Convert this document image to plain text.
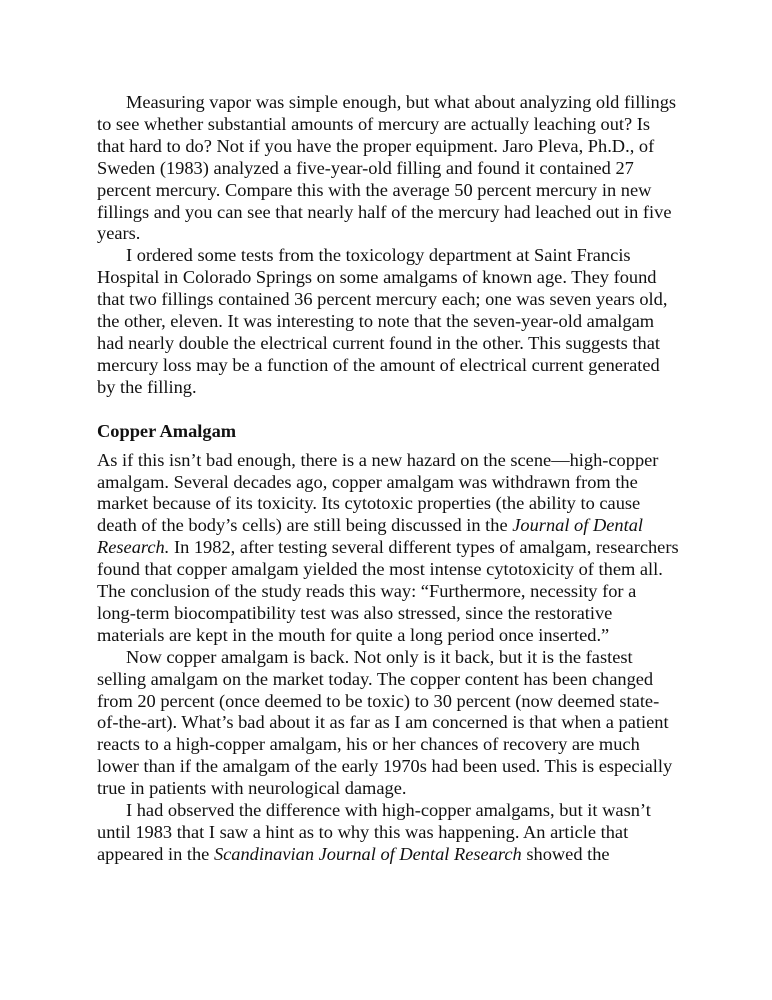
Measuring vapor was simple enough, but what about analyzing old fillings to see whether substantial amounts of mercury are actually leaching out? Is that hard to do? Not if you have the proper equipment. Jaro Pleva, Ph.D., of Sweden (1983) analyzed a five-year-old filling and found it contained 27 percent mercury. Compare this with the average 50 percent mercury in new fillings and you can see that nearly half of the mercury had leached out in five years.

I ordered some tests from the toxicology department at Saint Francis Hospital in Colorado Springs on some amalgams of known age. They found that two fillings contained 36 percent mercury each; one was seven years old, the other, eleven. It was interesting to note that the seven-year-old amalgam had nearly double the electrical current found in the other. This suggests that mercury loss may be a function of the amount of electrical current generated by the filling.

Copper Amalgam

As if this isn’t bad enough, there is a new hazard on the scene—high-copper amalgam. Several decades ago, copper amalgam was withdrawn from the market because of its toxicity. Its cytotoxic properties (the ability to cause death of the body’s cells) are still being discussed in the Journal of Dental Research. In 1982, after testing several different types of amalgam, researchers found that copper amalgam yielded the most intense cytotoxicity of them all. The conclusion of the study reads this way: “Furthermore, necessity for a long-term biocompatibility test was also stressed, since the restorative materials are kept in the mouth for quite a long period once inserted.”

Now copper amalgam is back. Not only is it back, but it is the fastest selling amalgam on the market today. The copper content has been changed from 20 percent (once deemed to be toxic) to 30 percent (now deemed state-of-the-art). What’s bad about it as far as I am concerned is that when a patient reacts to a high-copper amalgam, his or her chances of recovery are much lower than if the amalgam of the early 1970s had been used. This is especially true in patients with neurological damage.

I had observed the difference with high-copper amalgams, but it wasn’t until 1983 that I saw a hint as to why this was happening. An article that appeared in the Scandinavian Journal of Dental Research showed the
